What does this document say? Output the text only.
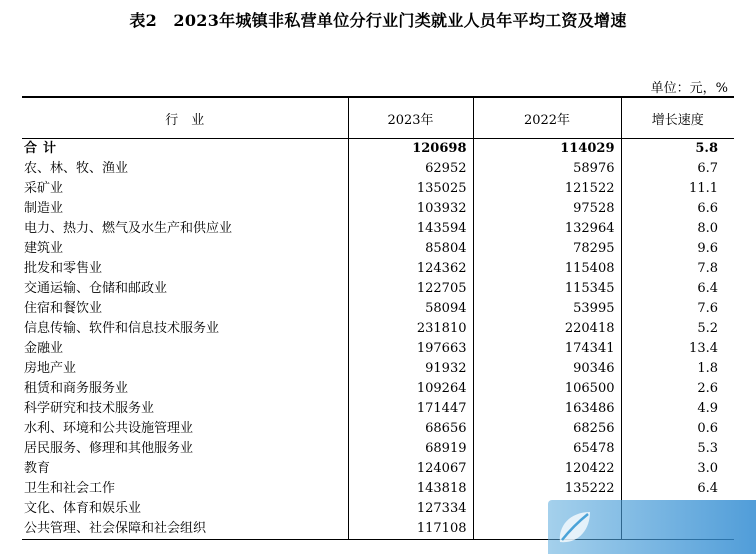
表2　2023年城镇非私营单位分行业门类就业人员年平均工资及增速
单位：元，%
行　业	2023年	2022年	增长速度
合计	120698	114029	5.8
农、林、牧、渔业	62952	58976	6.7
采矿业	135025	121522	11.1
制造业	103932	97528	6.6
电力、热力、燃气及水生产和供应业	143594	132964	8.0
建筑业	85804	78295	9.6
批发和零售业	124362	115408	7.8
交通运输、仓储和邮政业	122705	115345	6.4
住宿和餐饮业	58094	53995	7.6
信息传输、软件和信息技术服务业	231810	220418	5.2
金融业	197663	174341	13.4
房地产业	91932	90346	1.8
租赁和商务服务业	109264	106500	2.6
科学研究和技术服务业	171447	163486	4.9
水利、环境和公共设施管理业	68656	68256	0.6
居民服务、修理和其他服务业	68919	65478	5.3
教育	124067	120422	3.0
卫生和社会工作	143818	135222	6.4
文化、体育和娱乐业	127334		
公共管理、社会保障和社会组织	117108		
